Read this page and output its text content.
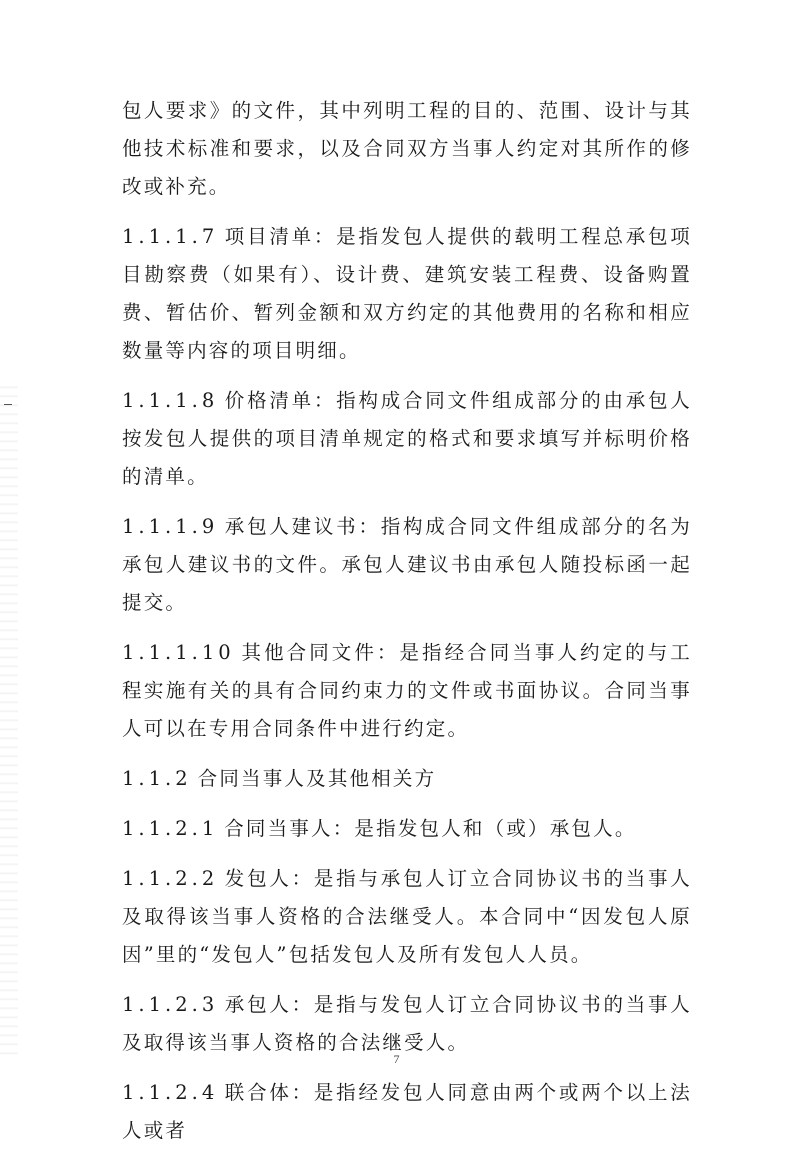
包人要求》的文件，其中列明工程的目的、范围、设计与其他技术标准和要求，以及合同双方当事人约定对其所作的修改或补充。

1.1.1.7 项目清单：是指发包人提供的载明工程总承包项目勘察费（如果有）、设计费、建筑安装工程费、设备购置费、暂估价、暂列金额和双方约定的其他费用的名称和相应数量等内容的项目明细。

1.1.1.8 价格清单：指构成合同文件组成部分的由承包人按发包人提供的项目清单规定的格式和要求填写并标明价格的清单。

1.1.1.9 承包人建议书：指构成合同文件组成部分的名为承包人建议书的文件。承包人建议书由承包人随投标函一起提交。

1.1.1.10 其他合同文件：是指经合同当事人约定的与工程实施有关的具有合同约束力的文件或书面协议。合同当事人可以在专用合同条件中进行约定。

1.1.2 合同当事人及其他相关方

1.1.2.1 合同当事人：是指发包人和（或）承包人。

1.1.2.2 发包人：是指与承包人订立合同协议书的当事人及取得该当事人资格的合法继受人。本合同中“因发包人原因”里的“发包人”包括发包人及所有发包人人员。

1.1.2.3 承包人：是指与发包人订立合同协议书的当事人及取得该当事人资格的合法继受人。

1.1.2.4 联合体：是指经发包人同意由两个或两个以上法人或者

7
